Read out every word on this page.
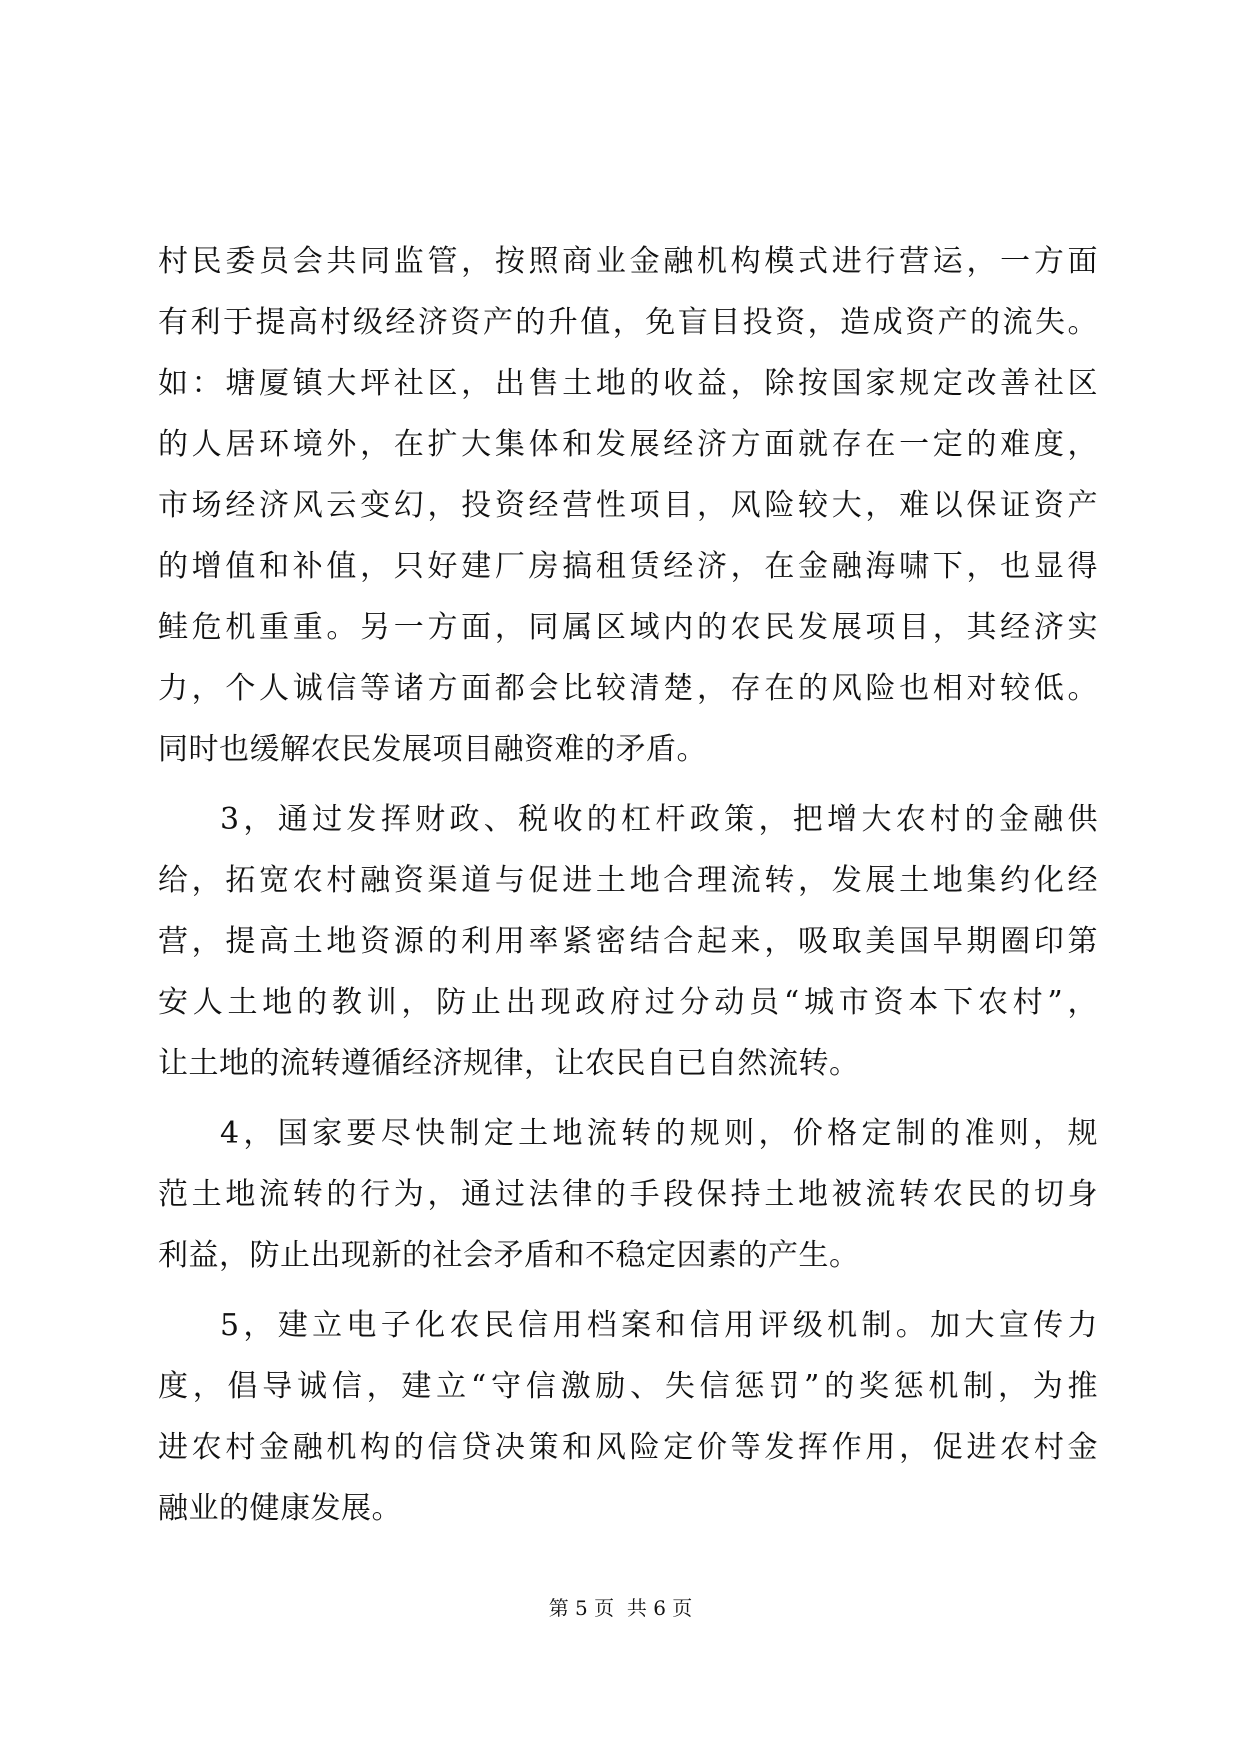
村民委员会共同监管，按照商业金融机构模式进行营运，一方面
有利于提高村级经济资产的升值，免盲目投资，造成资产的流失。
如：塘厦镇大坪社区，出售土地的收益，除按国家规定改善社区
的人居环境外，在扩大集体和发展经济方面就存在一定的难度，
市场经济风云变幻，投资经营性项目，风险较大，难以保证资产
的增值和补值，只好建厂房搞租赁经济，在金融海啸下，也显得
鲑危机重重。另一方面，同属区域内的农民发展项目，其经济实
力，个人诚信等诸方面都会比较清楚，存在的风险也相对较低。
同时也缓解农民发展项目融资难的矛盾。
3，通过发挥财政、税收的杠杆政策，把增大农村的金融供
给，拓宽农村融资渠道与促进土地合理流转，发展土地集约化经
营，提高土地资源的利用率紧密结合起来，吸取美国早期圈印第
安人土地的教训，防止出现政府过分动员“城市资本下农村”，
让土地的流转遵循经济规律，让农民自已自然流转。
4，国家要尽快制定土地流转的规则，价格定制的准则，规
范土地流转的行为，通过法律的手段保持土地被流转农民的切身
利益，防止出现新的社会矛盾和不稳定因素的产生。
5，建立电子化农民信用档案和信用评级机制。加大宣传力
度，倡导诚信，建立“守信激励、失信惩罚”的奖惩机制，为推
进农村金融机构的信贷决策和风险定价等发挥作用，促进农村金
融业的健康发展。
第 5 页  共 6 页
